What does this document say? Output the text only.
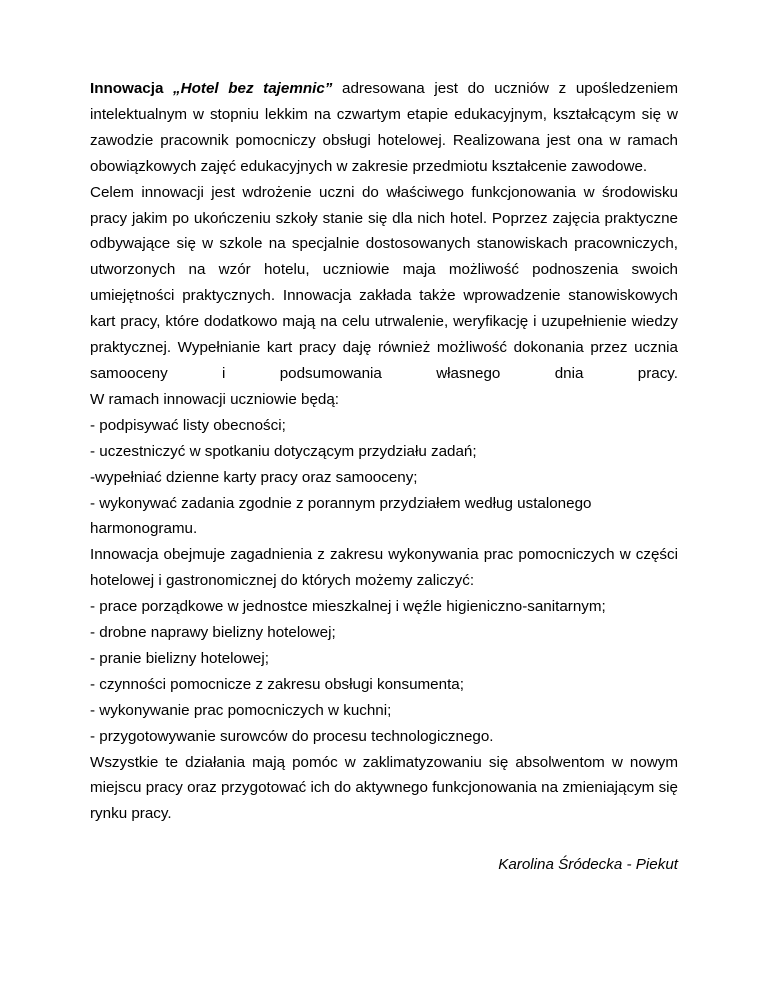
Innowacja „Hotel bez tajemnic” adresowana jest do uczniów z upośledzeniem intelektualnym w stopniu lekkim na czwartym etapie edukacyjnym, kształcącym się w zawodzie pracownik pomocniczy obsługi hotelowej. Realizowana jest ona w ramach obowiązkowych zajęć edukacyjnych w zakresie przedmiotu kształcenie zawodowe.

Celem innowacji jest wdrożenie uczni do właściwego funkcjonowania w środowisku pracy jakim po ukończeniu szkoły stanie się dla nich hotel. Poprzez zajęcia praktyczne odbywające się w szkole na specjalnie dostosowanych stanowiskach pracowniczych, utworzonych na wzór hotelu, uczniowie maja możliwość podnoszenia swoich umiejętności praktycznych. Innowacja zakłada także wprowadzenie stanowiskowych kart pracy, które dodatkowo mają na celu utrwalenie, weryfikację i uzupełnienie wiedzy praktycznej. Wypełnianie kart pracy daję również możliwość dokonania przez ucznia samooceny i podsumowania własnego dnia pracy.

W ramach innowacji uczniowie będą:

- podpisywać listy obecności;

- uczestniczyć w spotkaniu dotyczącym przydziału zadań;

-wypełniać dzienne karty pracy oraz samooceny;

- wykonywać zadania zgodnie z porannym przydziałem według ustalonego

harmonogramu.

Innowacja obejmuje zagadnienia z zakresu wykonywania prac pomocniczych w części hotelowej i gastronomicznej do których możemy zaliczyć:

- prace porządkowe w jednostce mieszkalnej i węźle higieniczno-sanitarnym;

- drobne naprawy bielizny hotelowej;

- pranie bielizny hotelowej;

- czynności pomocnicze z zakresu obsługi konsumenta;

- wykonywanie prac pomocniczych w kuchni;

- przygotowywanie surowców do procesu technologicznego.

Wszystkie te działania mają pomóc w zaklimatyzowaniu się absolwentom w nowym miejscu pracy oraz przygotować ich do aktywnego funkcjonowania na zmieniającym się rynku pracy.

Karolina Śródecka - Piekut
